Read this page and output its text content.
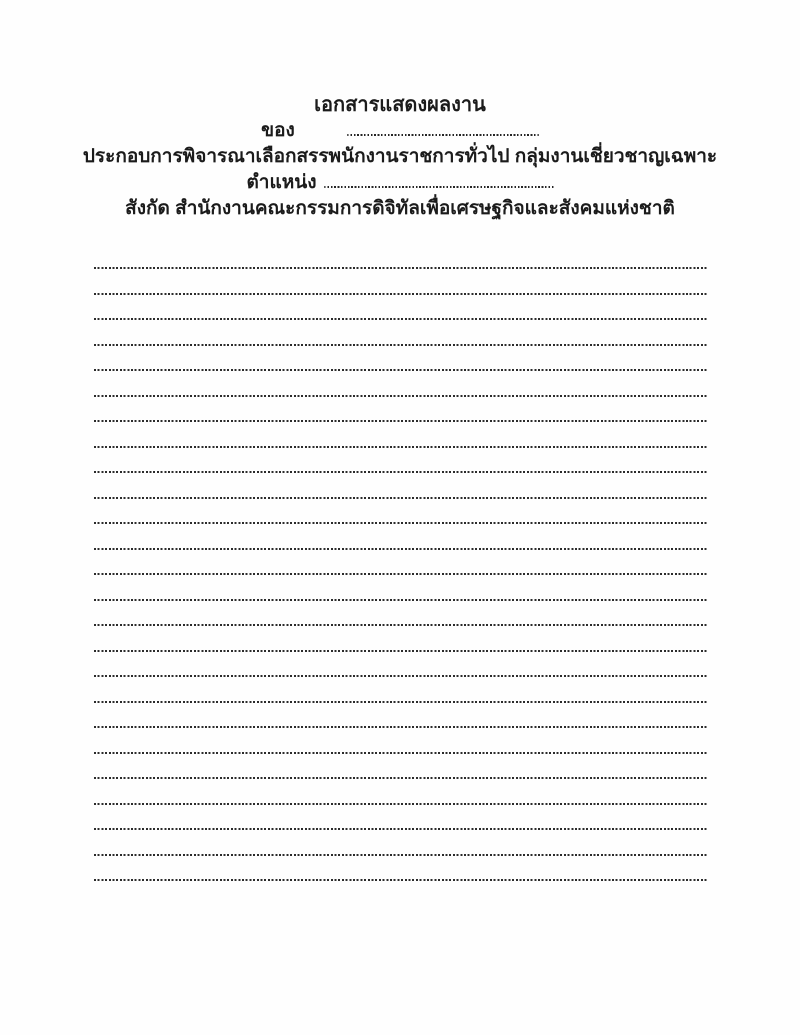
เอกสารแสดงผลงาน
ของ
ประกอบการพิจารณาเลือกสรรพนักงานราชการทั่วไป กลุ่มงานเชี่ยวชาญเฉพาะ
ตำแหน่ง
สังกัด สำนักงานคณะกรรมการดิจิทัลเพื่อเศรษฐกิจและสังคมแห่งชาติ
